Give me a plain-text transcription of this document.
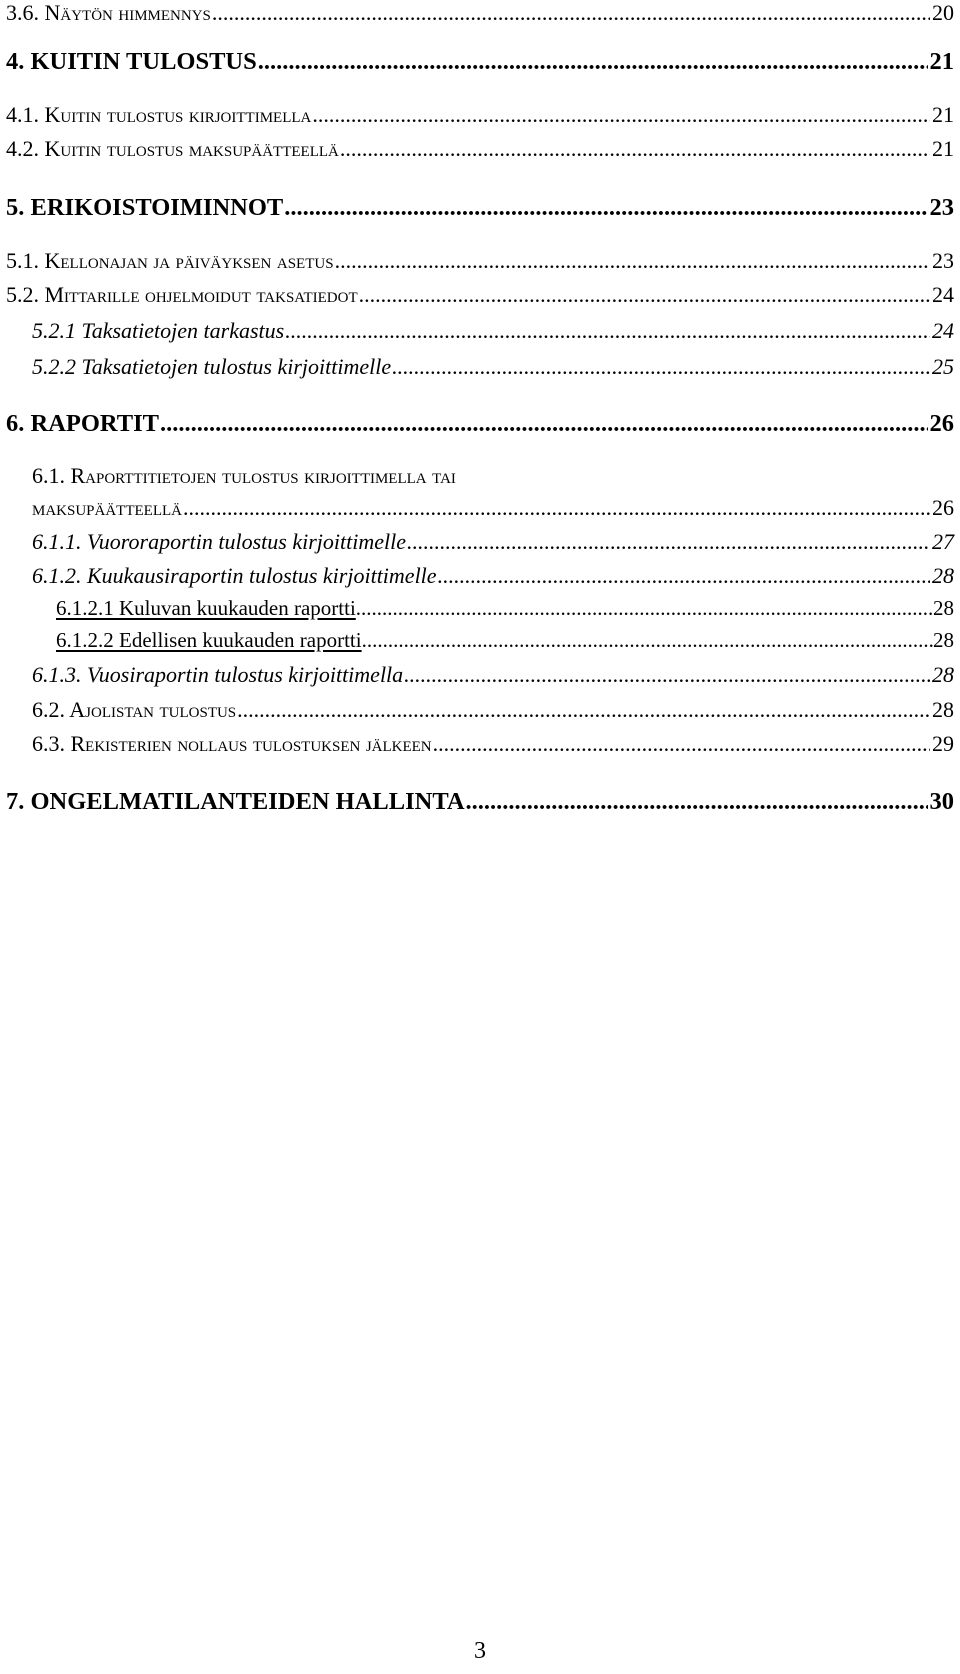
3.6. Näytön himmennys .....	20
4. KUITIN TULOSTUS .....	21
4.1. Kuitin tulostus kirjoittimella .....	21
4.2. Kuitin tulostus maksupäätteellä .....	21
5. ERIKOISTOIMINNOT .....	23
5.1. Kellonajan ja päiväyksen asetus .....	23
5.2. Mittarille ohjelmoidut taksatiedot .....	24
5.2.1 Taksatietojen tarkastus .....	24
5.2.2 Taksatietojen tulostus kirjoittimelle .....	25
6. RAPORTIT .....	26
6.1. Raporttitietojen tulostus kirjoittimella tai
maksupäätteellä .....	26
6.1.1. Vuororaportin tulostus kirjoittimelle .....	27
6.1.2. Kuukausiraportin tulostus kirjoittimelle .....	28
6.1.2.1 Kuluvan kuukauden raportti .....	28
6.1.2.2 Edellisen kuukauden raportti .....	28
6.1.3. Vuosiraportin tulostus kirjoittimella .....	28
6.2. Ajolistan tulostus .....	28
6.3. Rekisterien nollaus tulostuksen jälkeen .....	29
7. ONGELMATILANTEIDEN HALLINTA .....	30
3
